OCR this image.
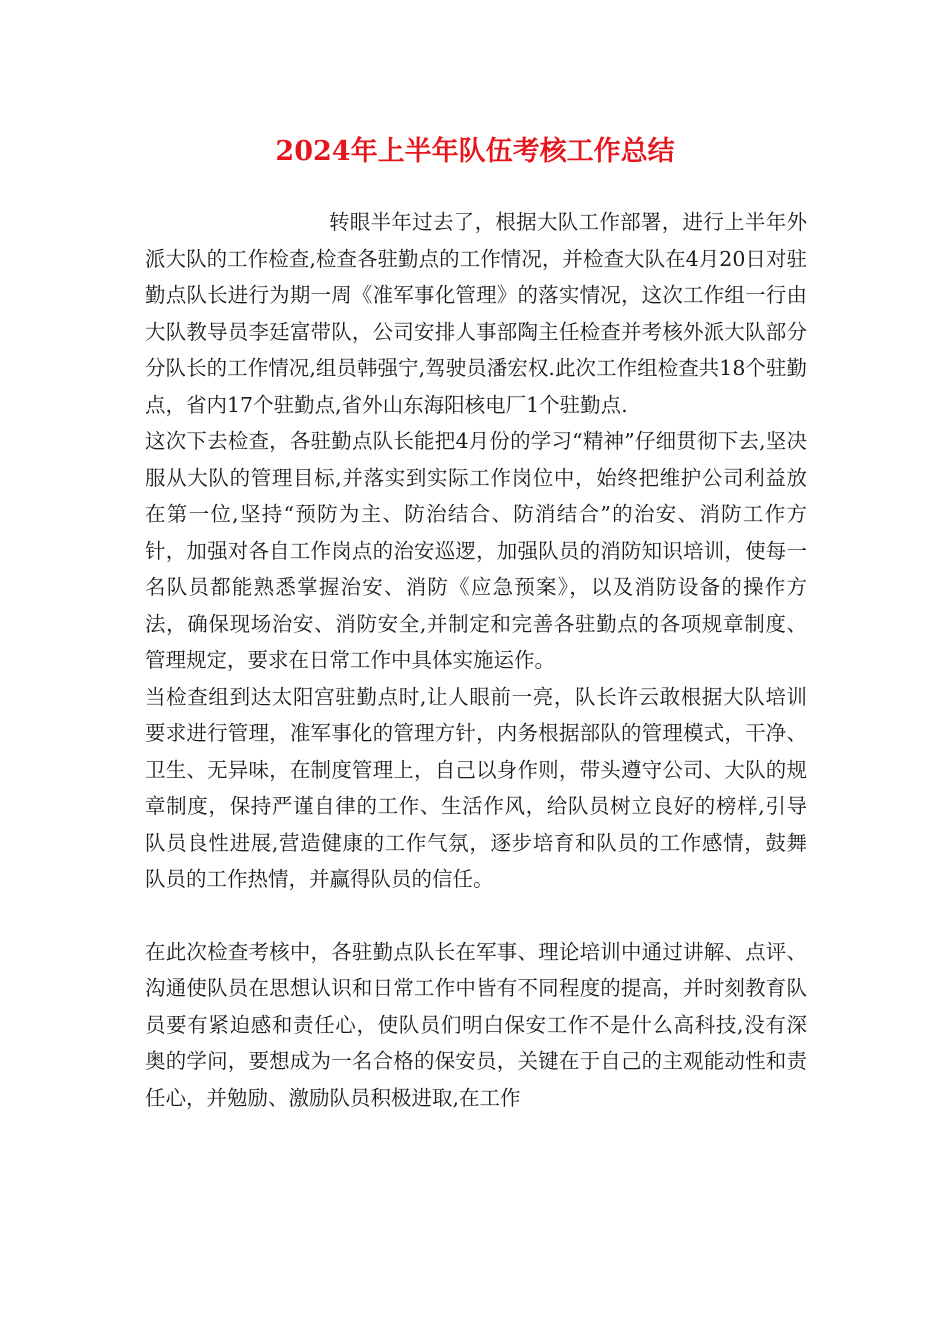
2024年上半年队伍考核工作总结

转眼半年过去了，根据大队工作部署，进行上半年外派大队的工作检查,检查各驻勤点的工作情况，并检查大队在4月20日对驻勤点队长进行为期一周《准军事化管理》的落实情况，这次工作组一行由大队教导员李廷富带队，公司安排人事部陶主任检查并考核外派大队部分分队长的工作情况,组员韩强宁,驾驶员潘宏权.此次工作组检查共18个驻勤点，省内17个驻勤点,省外山东海阳核电厂1个驻勤点.

这次下去检查，各驻勤点队长能把4月份的学习“精神”仔细贯彻下去,坚决服从大队的管理目标,并落实到实际工作岗位中，始终把维护公司利益放在第一位,坚持“预防为主、防治结合、防消结合”的治安、消防工作方针，加强对各自工作岗点的治安巡逻，加强队员的消防知识培训，使每一名队员都能熟悉掌握治安、消防《应急预案》，以及消防设备的操作方法，确保现场治安、消防安全,并制定和完善各驻勤点的各项规章制度、管理规定，要求在日常工作中具体实施运作。

当检查组到达太阳宫驻勤点时,让人眼前一亮，队长许云敢根据大队培训要求进行管理，准军事化的管理方针，内务根据部队的管理模式，干净、卫生、无异味，在制度管理上，自己以身作则，带头遵守公司、大队的规章制度，保持严谨自律的工作、生活作风，给队员树立良好的榜样,引导队员良性进展,营造健康的工作气氛，逐步培育和队员的工作感情，鼓舞队员的工作热情，并赢得队员的信任。

在此次检查考核中，各驻勤点队长在军事、理论培训中通过讲解、点评、沟通使队员在思想认识和日常工作中皆有不同程度的提高，并时刻教育队员要有紧迫感和责任心，使队员们明白保安工作不是什么高科技,没有深奥的学问，要想成为一名合格的保安员，关键在于自己的主观能动性和责任心，并勉励、激励队员积极进取,在工作
